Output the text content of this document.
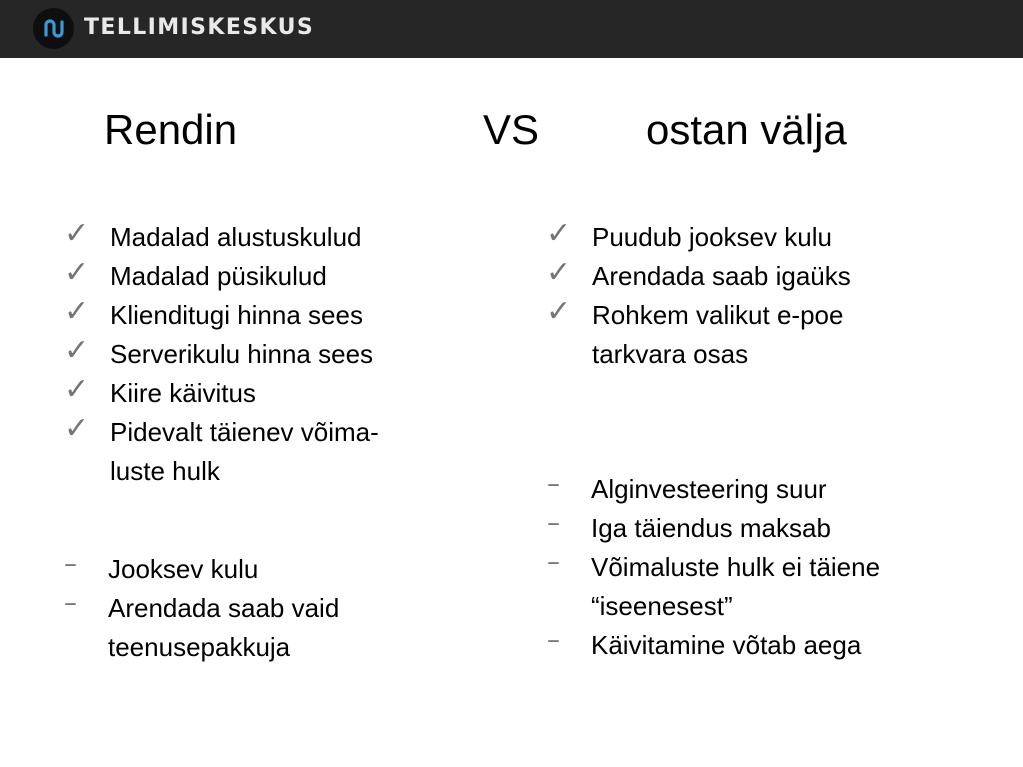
TELLIMISKESKUS
Rendin	VS	ostan välja
✓ Madalad alustuskulud
✓ Madalad püsikulud
✓ Klienditugi hinna sees
✓ Serverikulu hinna sees
✓ Kiire käivitus
✓ Pidevalt täienev võima-
luste hulk
–	Jooksev kulu
–	Arendada saab vaid
teenusepakkuja
✓ Puudub jooksev kulu
✓ Arendada saab igaüks
✓ Rohkem valikut e-poe
tarkvara osas
–	Alginvesteering suur
–	Iga täiendus maksab
–	Võimaluste hulk ei täiene
“iseenesest”
–	Käivitamine võtab aega
